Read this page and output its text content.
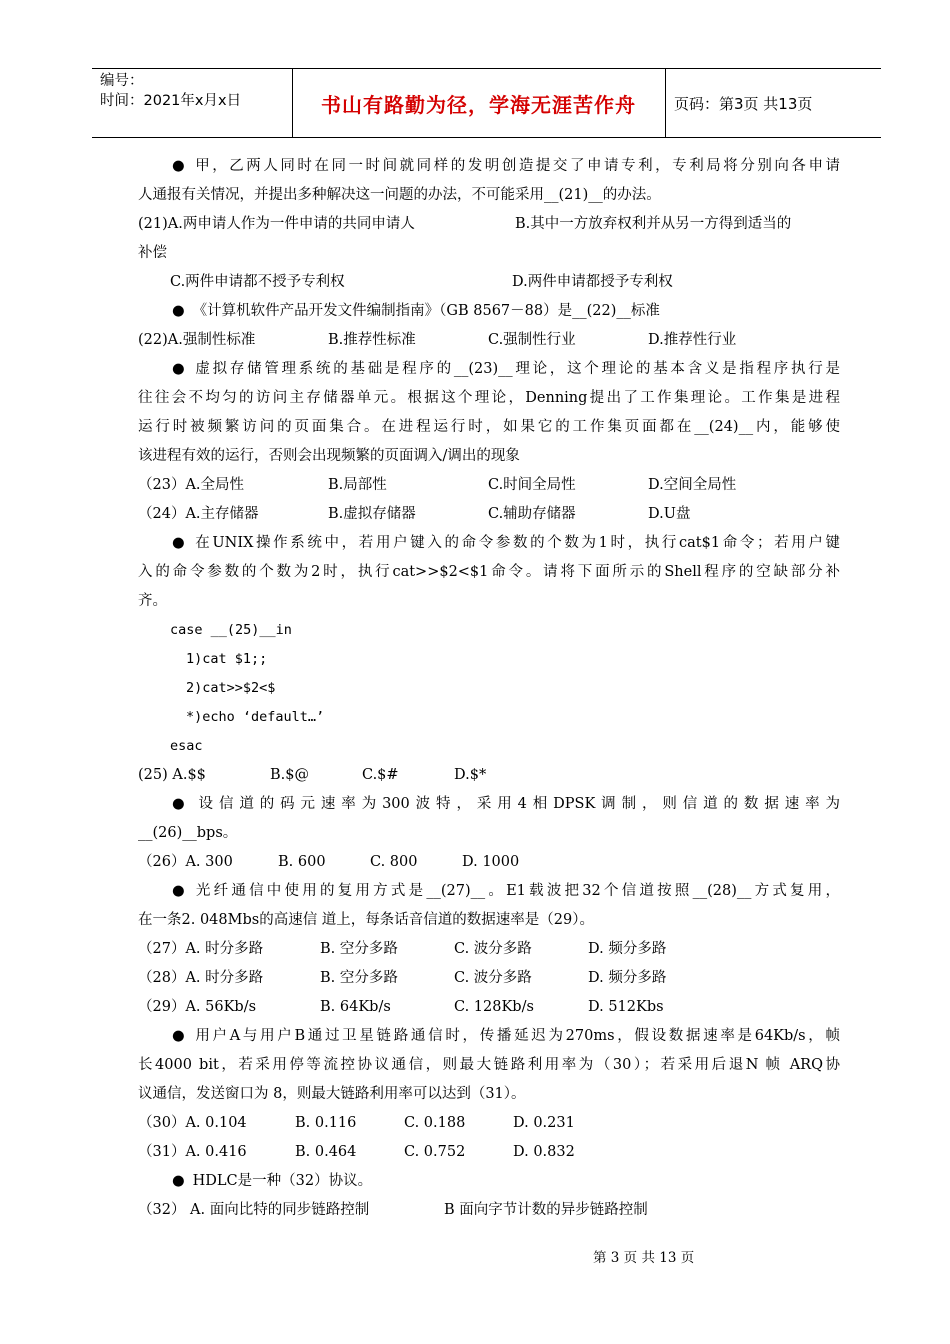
编号：
时间：2021年x月x日	书山有路勤为径，学海无涯苦作舟	页码：第3页 共13页
● 甲，乙两人同时在同一时间就同样的发明创造提交了申请专利，专利局将分别向各申请
人通报有关情况，并提出多种解决这一问题的办法，不可能采用__(21)__的办法。
(21)A.两申请人作为一件申请的共同申请人	B.其中一方放弃权利并从另一方得到适当的
补偿
C.两件申请都不授予专利权	D.两件申请都授予专利权
● 《计算机软件产品开发文件编制指南》（GB 8567－88）是__(22)__标准
(22)A.强制性标准	B.推荐性标准	C.强制性行业	D.推荐性行业
● 虚拟存储管理系统的基础是程序的__(23)__理论，这个理论的基本含义是指程序执行是
往往会不均匀的访问主存储器单元。根据这个理论，Denning提出了工作集理论。工作集是进程
运行时被频繁访问的页面集合。在进程运行时，如果它的工作集页面都在__(24)__内，能够使
该进程有效的运行，否则会出现频繁的页面调入/调出的现象
（23）A.全局性	B.局部性	C.时间全局性	D.空间全局性
（24）A.主存储器	B.虚拟存储器	C.辅助存储器	D.U盘
● 在UNIX操作系统中，若用户键入的命令参数的个数为1时，执行cat$1命令；若用户键
入的命令参数的个数为2时，执行cat>>$2<$1命令。请将下面所示的Shell程序的空缺部分补
齐。
case __(25)__in
1)cat $1;;
2)cat>>$2<$
*)echo ‘default…’
esac
(25) A.$$	B.$@	C.$#	D.$*
● 设信道的码元速率为300波特，采用4相DPSK调制，则信道的数据速率为
__(26)__bps。
（26）A. 300	B. 600	C. 800	D. 1000
● 光纤通信中使用的复用方式是__(27)__。E1载波把32个信道按照__(28)__方式复用，
在一条2. 048Mbs的高速信 道上，每条话音信道的数据速率是（29）。
（27）A. 时分多路	B. 空分多路	C. 波分多路	D. 频分多路
（28）A. 时分多路	B. 空分多路	C. 波分多路	D. 频分多路
（29）A. 56Kb/s	B. 64Kb/s	C. 128Kb/s	D. 512Kbs
● 用户A与用户B通过卫星链路通信时，传播延迟为270ms，假设数据速率是64Kb/s，帧
长4000 bit，若采用停等流控协议通信，则最大链路利用率为（30）；若采用后退N 帧 ARQ协
议通信，发送窗口为 8，则最大链路利用率可以达到（31）。
（30）A. 0.104	B. 0.116	C. 0.188	D. 0.231
（31）A. 0.416	B. 0.464	C. 0.752	D. 0.832
● HDLC是一种（32）协议。
（32） A. 面向比特的同步链路控制	B 面向字节计数的异步链路控制
第 3 页 共 13 页
